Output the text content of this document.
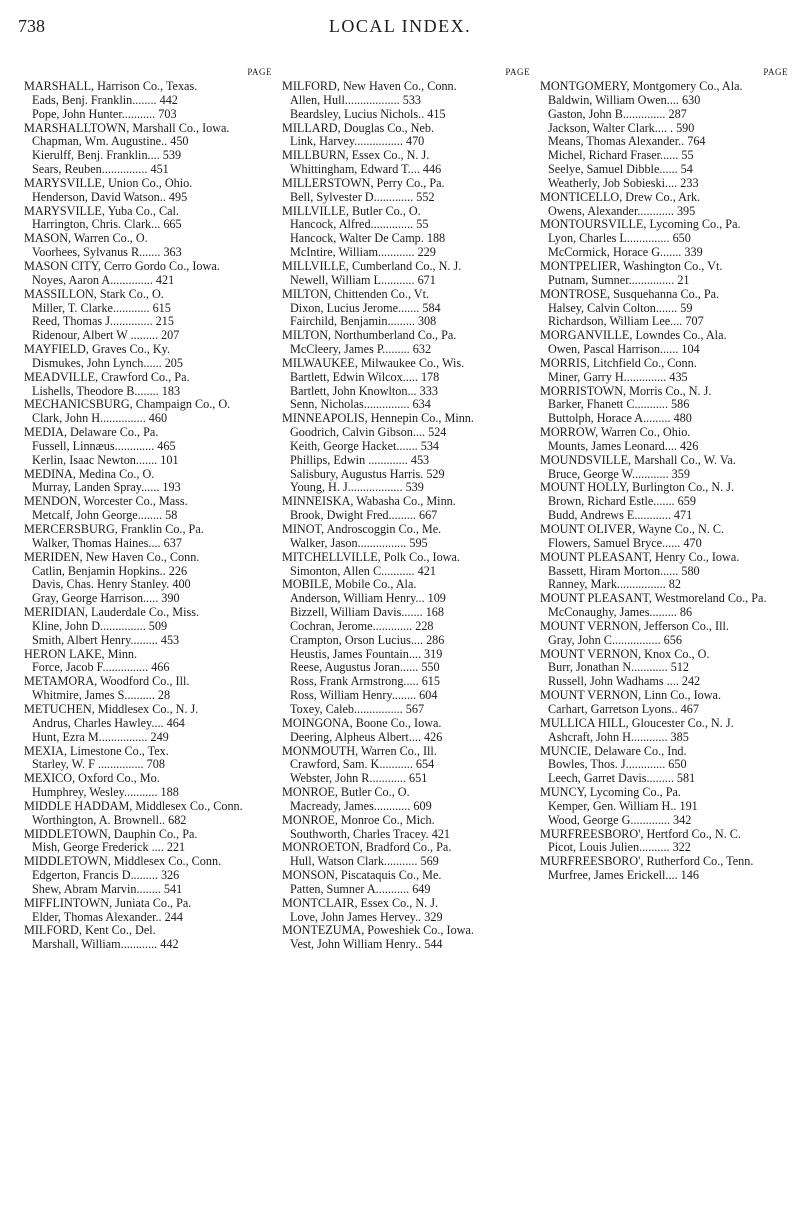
738	LOCAL INDEX.
PAGE
MARSHALL, Harrison Co., Texas.
Eads, Benj. Franklin........ 442
Pope, John Hunter........... 703
MARSHALLTOWN, Marshall Co., Iowa.
Chapman, Wm. Augustine.. 450
Kierulff, Benj. Franklin.... 539
Sears, Reuben............... 451
MARYSVILLE, Union Co., Ohio.
Henderson, David Watson.. 495
MARYSVILLE, Yuba Co., Cal.
Harrington, Chris. Clark... 665
MASON, Warren Co., O.
Voorhees, Sylvanus R....... 363
MASON CITY, Cerro Gordo Co., Iowa.
Noyes, Aaron A.............. 421
MASSILLON, Stark Co., O.
Miller, T. Clarke............ 615
Reed, Thomas J.............. 215
Ridenour, Albert W ......... 207
MAYFIELD, Graves Co., Ky.
Dismukes, John Lynch...... 205
MEADVILLE, Crawford Co., Pa.
Lishells, Theodore B........ 183
MECHANICSBURG, Champaign Co., O.
Clark, John H............... 460
MEDIA, Delaware Co., Pa.
Fussell, Linnæus............. 465
Kerlin, Isaac Newton....... 101
MEDINA, Medina Co., O.
Murray, Landen Spray...... 193
MENDON, Worcester Co., Mass.
Metcalf, John George........ 58
MERCERSBURG, Franklin Co., Pa.
Walker, Thomas Haines.... 637
MERIDEN, New Haven Co., Conn.
Catlin, Benjamin Hopkins.. 226
Davis, Chas. Henry Stanley. 400
Gray, George Harrison..... 390
MERIDIAN, Lauderdale Co., Miss.
Kline, John D............... 509
Smith, Albert Henry......... 453
HERON LAKE, Minn.
Force, Jacob F............... 466
METAMORA, Woodford Co., Ill.
Whitmire, James S.......... 28
METUCHEN, Middlesex Co., N. J.
Andrus, Charles Hawley.... 464
Hunt, Ezra M................ 249
MEXIA, Limestone Co., Tex.
Starley, W. F ............... 708
MEXICO, Oxford Co., Mo.
Humphrey, Wesley........... 188
MIDDLE HADDAM, Middlesex Co., Conn.
Worthington, A. Brownell.. 682
MIDDLETOWN, Dauphin Co., Pa.
Mish, George Frederick .... 221
MIDDLETOWN, Middlesex Co., Conn.
Edgerton, Francis D......... 326
Shew, Abram Marvin........ 541
MIFFLINTOWN, Juniata Co., Pa.
Elder, Thomas Alexander.. 244
MILFORD, Kent Co., Del.
Marshall, William............ 442
PAGE
MILFORD, New Haven Co., Conn.
Allen, Hull.................. 533
Beardsley, Lucius Nichols.. 415
MILLARD, Douglas Co., Neb.
Link, Harvey................ 470
MILLBURN, Essex Co., N. J.
Whittingham, Edward T.... 446
MILLERSTOWN, Perry Co., Pa.
Bell, Sylvester D............. 552
MILLVILLE, Butler Co., O.
Hancock, Alfred.............. 55
Hancock, Walter De Camp. 188
McIntire, William............ 229
MILLVILLE, Cumberland Co., N. J.
Newell, William L........... 671
MILTON, Chittenden Co., Vt.
Dixon, Lucius Jerome....... 584
Fairchild, Benjamin......... 308
MILTON, Northumberland Co., Pa.
McCleery, James P......... 632
MILWAUKEE, Milwaukee Co., Wis.
Bartlett, Edwin Wilcox..... 178
Bartlett, John Knowlton... 333
Senn, Nicholas............... 634
MINNEAPOLIS, Hennepin Co., Minn.
Goodrich, Calvin Gibson.... 524
Keith, George Hacket....... 534
Phillips, Edwin ............. 453
Salisbury, Augustus Harris. 529
Young, H. J.................. 539
MINNEISKA, Wabasha Co., Minn.
Brook, Dwight Fred......... 667
MINOT, Androscoggin Co., Me.
Walker, Jason................ 595
MITCHELLVILLE, Polk Co., Iowa.
Simonton, Allen C........... 421
MOBILE, Mobile Co., Ala.
Anderson, William Henry... 109
Bizzell, William Davis....... 168
Cochran, Jerome............. 228
Crampton, Orson Lucius.... 286
Heustis, James Fountain.... 319
Reese, Augustus Joran...... 550
Ross, Frank Armstrong..... 615
Ross, William Henry........ 604
Toxey, Caleb................ 567
MOINGONA, Boone Co., Iowa.
Deering, Alpheus Albert.... 426
MONMOUTH, Warren Co., Ill.
Crawford, Sam. K........... 654
Webster, John R............ 651
MONROE, Butler Co., O.
Macready, James............ 609
MONROE, Monroe Co., Mich.
Southworth, Charles Tracey. 421
MONROETON, Bradford Co., Pa.
Hull, Watson Clark........... 569
MONSON, Piscataquis Co., Me.
Patten, Sumner A........... 649
MONTCLAIR, Essex Co., N. J.
Love, John James Hervey.. 329
MONTEZUMA, Poweshiek Co., Iowa.
Vest, John William Henry.. 544
PAGE
MONTGOMERY, Montgomery Co., Ala.
Baldwin, William Owen.... 630
Gaston, John B.............. 287
Jackson, Walter Clark.... . 590
Means, Thomas Alexander.. 764
Michel, Richard Fraser...... 55
Seelye, Samuel Dibble...... 54
Weatherly, Job Sobieski.... 233
MONTICELLO, Drew Co., Ark.
Owens, Alexander............ 395
MONTOURSVILLE, Lycoming Co., Pa.
Lyon, Charles L.............. 650
McCormick, Horace G....... 339
MONTPELIER, Washington Co., Vt.
Putnam, Sumner............... 21
MONTROSE, Susquehanna Co., Pa.
Halsey, Calvin Colton....... 59
Richardson, William Lee.... 707
MORGANVILLE, Lowndes Co., Ala.
Owen, Pascal Harrison...... 104
MORRIS, Litchfield Co., Conn.
Miner, Garry H.............. 435
MORRISTOWN, Morris Co., N. J.
Barker, Fhanett C........... 586
Buttolph, Horace A......... 480
MORROW, Warren Co., Ohio.
Mounts, James Leonard.... 426
MOUNDSVILLE, Marshall Co., W. Va.
Bruce, George W............ 359
MOUNT HOLLY, Burlington Co., N. J.
Brown, Richard Estle....... 659
Budd, Andrews E............ 471
MOUNT OLIVER, Wayne Co., N. C.
Flowers, Samuel Bryce...... 470
MOUNT PLEASANT, Henry Co., Iowa.
Bassett, Hiram Morton...... 580
Ranney, Mark................ 82
MOUNT PLEASANT, Westmoreland Co., Pa.
McConaughy, James......... 86
MOUNT VERNON, Jefferson Co., Ill.
Gray, John C................ 656
MOUNT VERNON, Knox Co., O.
Burr, Jonathan N............ 512
Russell, John Wadhams .... 242
MOUNT VERNON, Linn Co., Iowa.
Carhart, Garretson Lyons.. 467
MULLICA HILL, Gloucester Co., N. J.
Ashcraft, John H............ 385
MUNCIE, Delaware Co., Ind.
Bowles, Thos. J............. 650
Leech, Garret Davis......... 581
MUNCY, Lycoming Co., Pa.
Kemper, Gen. William H.. 191
Wood, George G............. 342
MURFREESBORO', Hertford Co., N. C.
Picot, Louis Julien.......... 322
MURFREESBORO', Rutherford Co., Tenn.
Murfree, James Erickell.... 146
